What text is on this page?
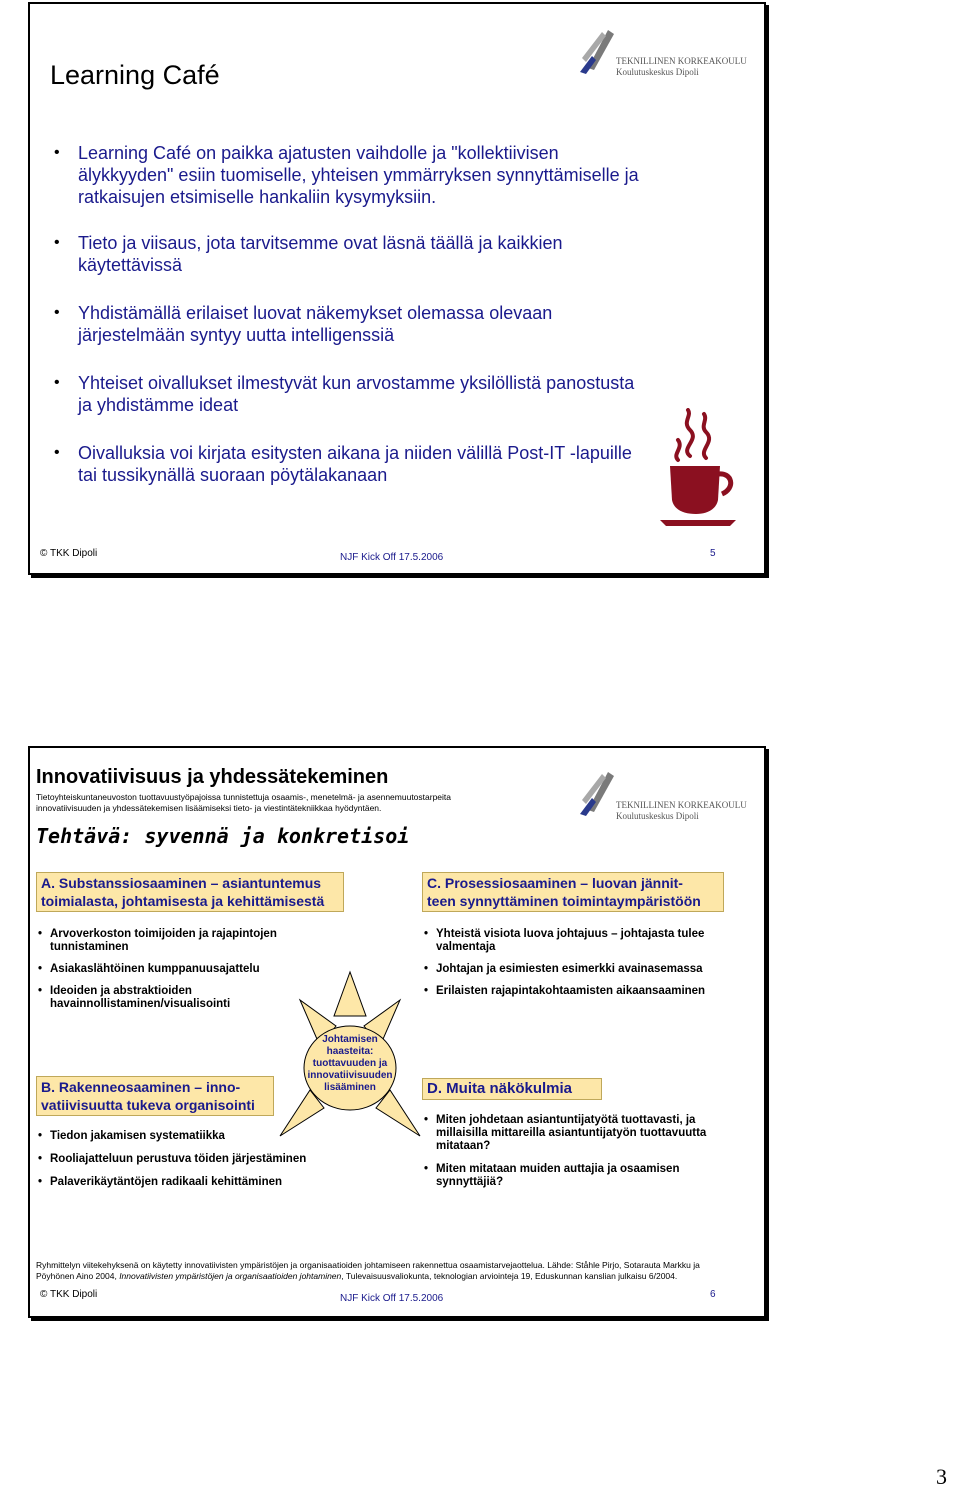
Learning Café	TEKNILLINEN KORKEAKOULU
Koulutuskeskus Dipoli
• Learning Café on paikka ajatusten vaihdolle ja "kollektiivisen älykkyyden" esiin tuomiselle, yhteisen ymmärryksen synnyttämiselle ja ratkaisujen etsimiselle hankaliin kysymyksiin.
• Tieto ja viisaus, jota tarvitsemme ovat läsnä täällä ja kaikkien käytettävissä
• Yhdistämällä erilaiset luovat näkemykset olemassa olevaan järjestelmään syntyy uutta intelligenssiä
• Yhteiset oivallukset ilmestyvät kun arvostamme yksilöllistä panostusta ja yhdistämme ideat
• Oivalluksia voi kirjata esitysten aikana ja niiden välillä Post-IT -lapuille tai tussikynällä suoraan pöytälakanaan
© TKK Dipoli	NJF Kick Off 17.5.2006	5
Innovatiivisuus ja yhdessätekeminen
Tietoyhteiskuntaneuvoston tuottavuustyöpajoissa tunnistettuja osaamis-, menetelmä- ja asennemuutostarpeita
innovatiivisuuden ja yhdessätekemisen lisäämiseksi tieto- ja viestintätekniikkaa hyödyntäen.
Tehtävä: syvennä ja konkretisoi
TEKNILLINEN KORKEAKOULU
Koulutuskeskus Dipoli
A. Substanssiosaaminen – asiantuntemus
toimialasta, johtamisesta ja kehittämisestä
• Arvoverkoston toimijoiden ja rajapintojen tunnistaminen
• Asiakaslähtöinen kumppanuusajattelu
• Ideoiden ja abstraktioiden havainnollistaminen/visualisointi
B. Rakenneosaaminen – inno-
vatiivisuutta tukeva organisointi
• Tiedon jakamisen systematiikka
• Rooliajatteluun perustuva töiden järjestäminen
• Palaverikäytäntöjen radikaali kehittäminen
C. Prosessiosaaminen – luovan jännit-
teen synnyttäminen toimintaympäristöön
• Yhteistä visiota luova johtajuus – johtajasta tulee valmentaja
• Johtajan ja esimiesten esimerkki avainasemassa
• Erilaisten rajapintakohtaamisten aikaansaaminen
D. Muita näkökulmia
• Miten johdetaan asiantuntijatyötä tuottavasti, ja millaisilla mittareilla asiantuntijatyön tuottavuutta mitataan?
• Miten mitataan muiden auttajia ja osaamisen synnyttäjiä?
Johtamisen
haasteita:
tuottavuuden ja
innovatiivisuuden
lisääminen
Ryhmittelyn viitekehyksenä on käytetty innovatiivisten ympäristöjen ja organisaatioiden johtamiseen rakennettua osaamistarvejaottelua. Lähde: Ståhle Pirjo, Sotarauta Markku ja
Pöyhönen Aino 2004, Innovatiivisten ympäristöjen ja organisaatioiden johtaminen, Tulevaisuusvaliokunta, teknologian arviointeja 19, Eduskunnan kanslian julkaisu 6/2004.
© TKK Dipoli	NJF Kick Off 17.5.2006	6
3
